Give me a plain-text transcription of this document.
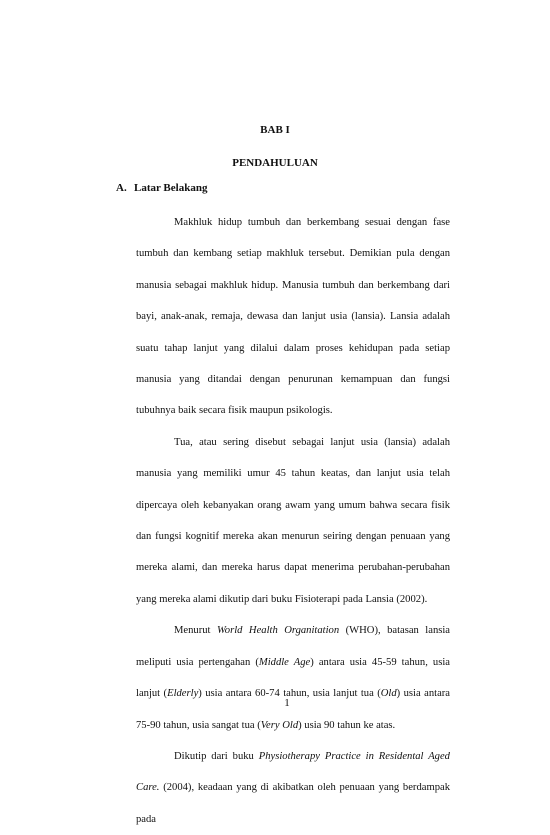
BAB I
PENDAHULUAN
A. Latar Belakang

Makhluk hidup tumbuh dan berkembang sesuai dengan fase tumbuh dan kembang setiap makhluk tersebut. Demikian pula dengan manusia sebagai makhluk hidup. Manusia tumbuh dan berkembang dari bayi, anak-anak, remaja, dewasa dan lanjut usia (lansia). Lansia adalah suatu tahap lanjut yang dilalui dalam proses kehidupan pada setiap manusia yang ditandai dengan penurunan kemampuan dan fungsi tubuhnya baik secara fisik maupun psikologis.

Tua, atau sering disebut sebagai lanjut usia (lansia) adalah manusia yang memiliki umur 45 tahun keatas, dan lanjut usia telah dipercaya oleh kebanyakan orang awam yang umum bahwa secara fisik dan fungsi kognitif mereka akan menurun seiring dengan penuaan yang mereka alami, dan mereka harus dapat menerima perubahan-perubahan yang mereka alami dikutip dari buku Fisioterapi pada Lansia (2002).

Menurut World Health Organitation (WHO), batasan lansia meliputi usia pertengahan (Middle Age) antara usia 45-59 tahun, usia lanjut (Elderly) usia antara 60-74 tahun, usia lanjut tua (Old) usia antara 75-90 tahun, usia sangat tua (Very Old) usia 90 tahun ke atas.

Dikutip dari buku Physiotherapy Practice in Residental Aged Care. (2004), keadaan yang di akibatkan oleh penuaan yang berdampak pada

1
